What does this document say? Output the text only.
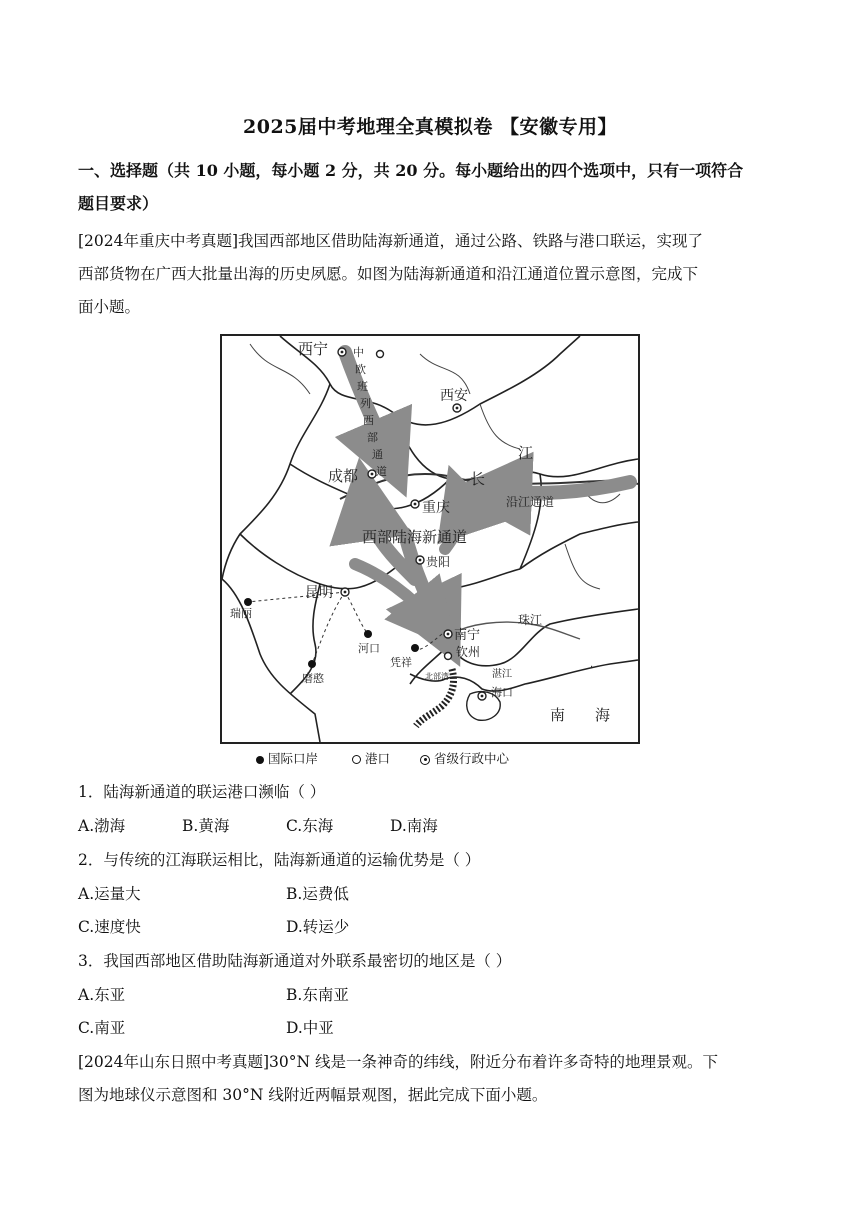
2025届中考地理全真模拟卷 【安徽专用】
一、选择题（共 10 小题，每小题 2 分，共 20 分。每小题给出的四个选项中，只有一项符合
题目要求）
[2024年重庆中考真题]我国西部地区借助陆海新通道，通过公路、铁路与港口联运，实现了
西部货物在广西大批量出海的历史夙愿。如图为陆海新通道和沿江通道位置示意图，完成下
面小题。
西宁
西安
成都
重庆
贵阳
昆明
南宁
钦州
瑞丽
河口
凭祥
磨憨	湛江
海口
西部陆海新通道
沿江通道
长
江
珠江
南 海
北部湾
· ·
中
欧
班
列
西
部
通
道
国际口岸	港口	省级行政中心
1．陆海新通道的联运港口濒临（ ）
A.渤海	B.黄海	C.东海	D.南海
2．与传统的江海联运相比，陆海新通道的运输优势是（ ）
A.运量大	B.运费低
C.速度快	D.转运少
3．我国西部地区借助陆海新通道对外联系最密切的地区是（ ）
A.东亚	B.东南亚
C.南亚	D.中亚
[2024年山东日照中考真题]30°N 线是一条神奇的纬线，附近分布着许多奇特的地理景观。下
图为地球仪示意图和 30°N 线附近两幅景观图，据此完成下面小题。
